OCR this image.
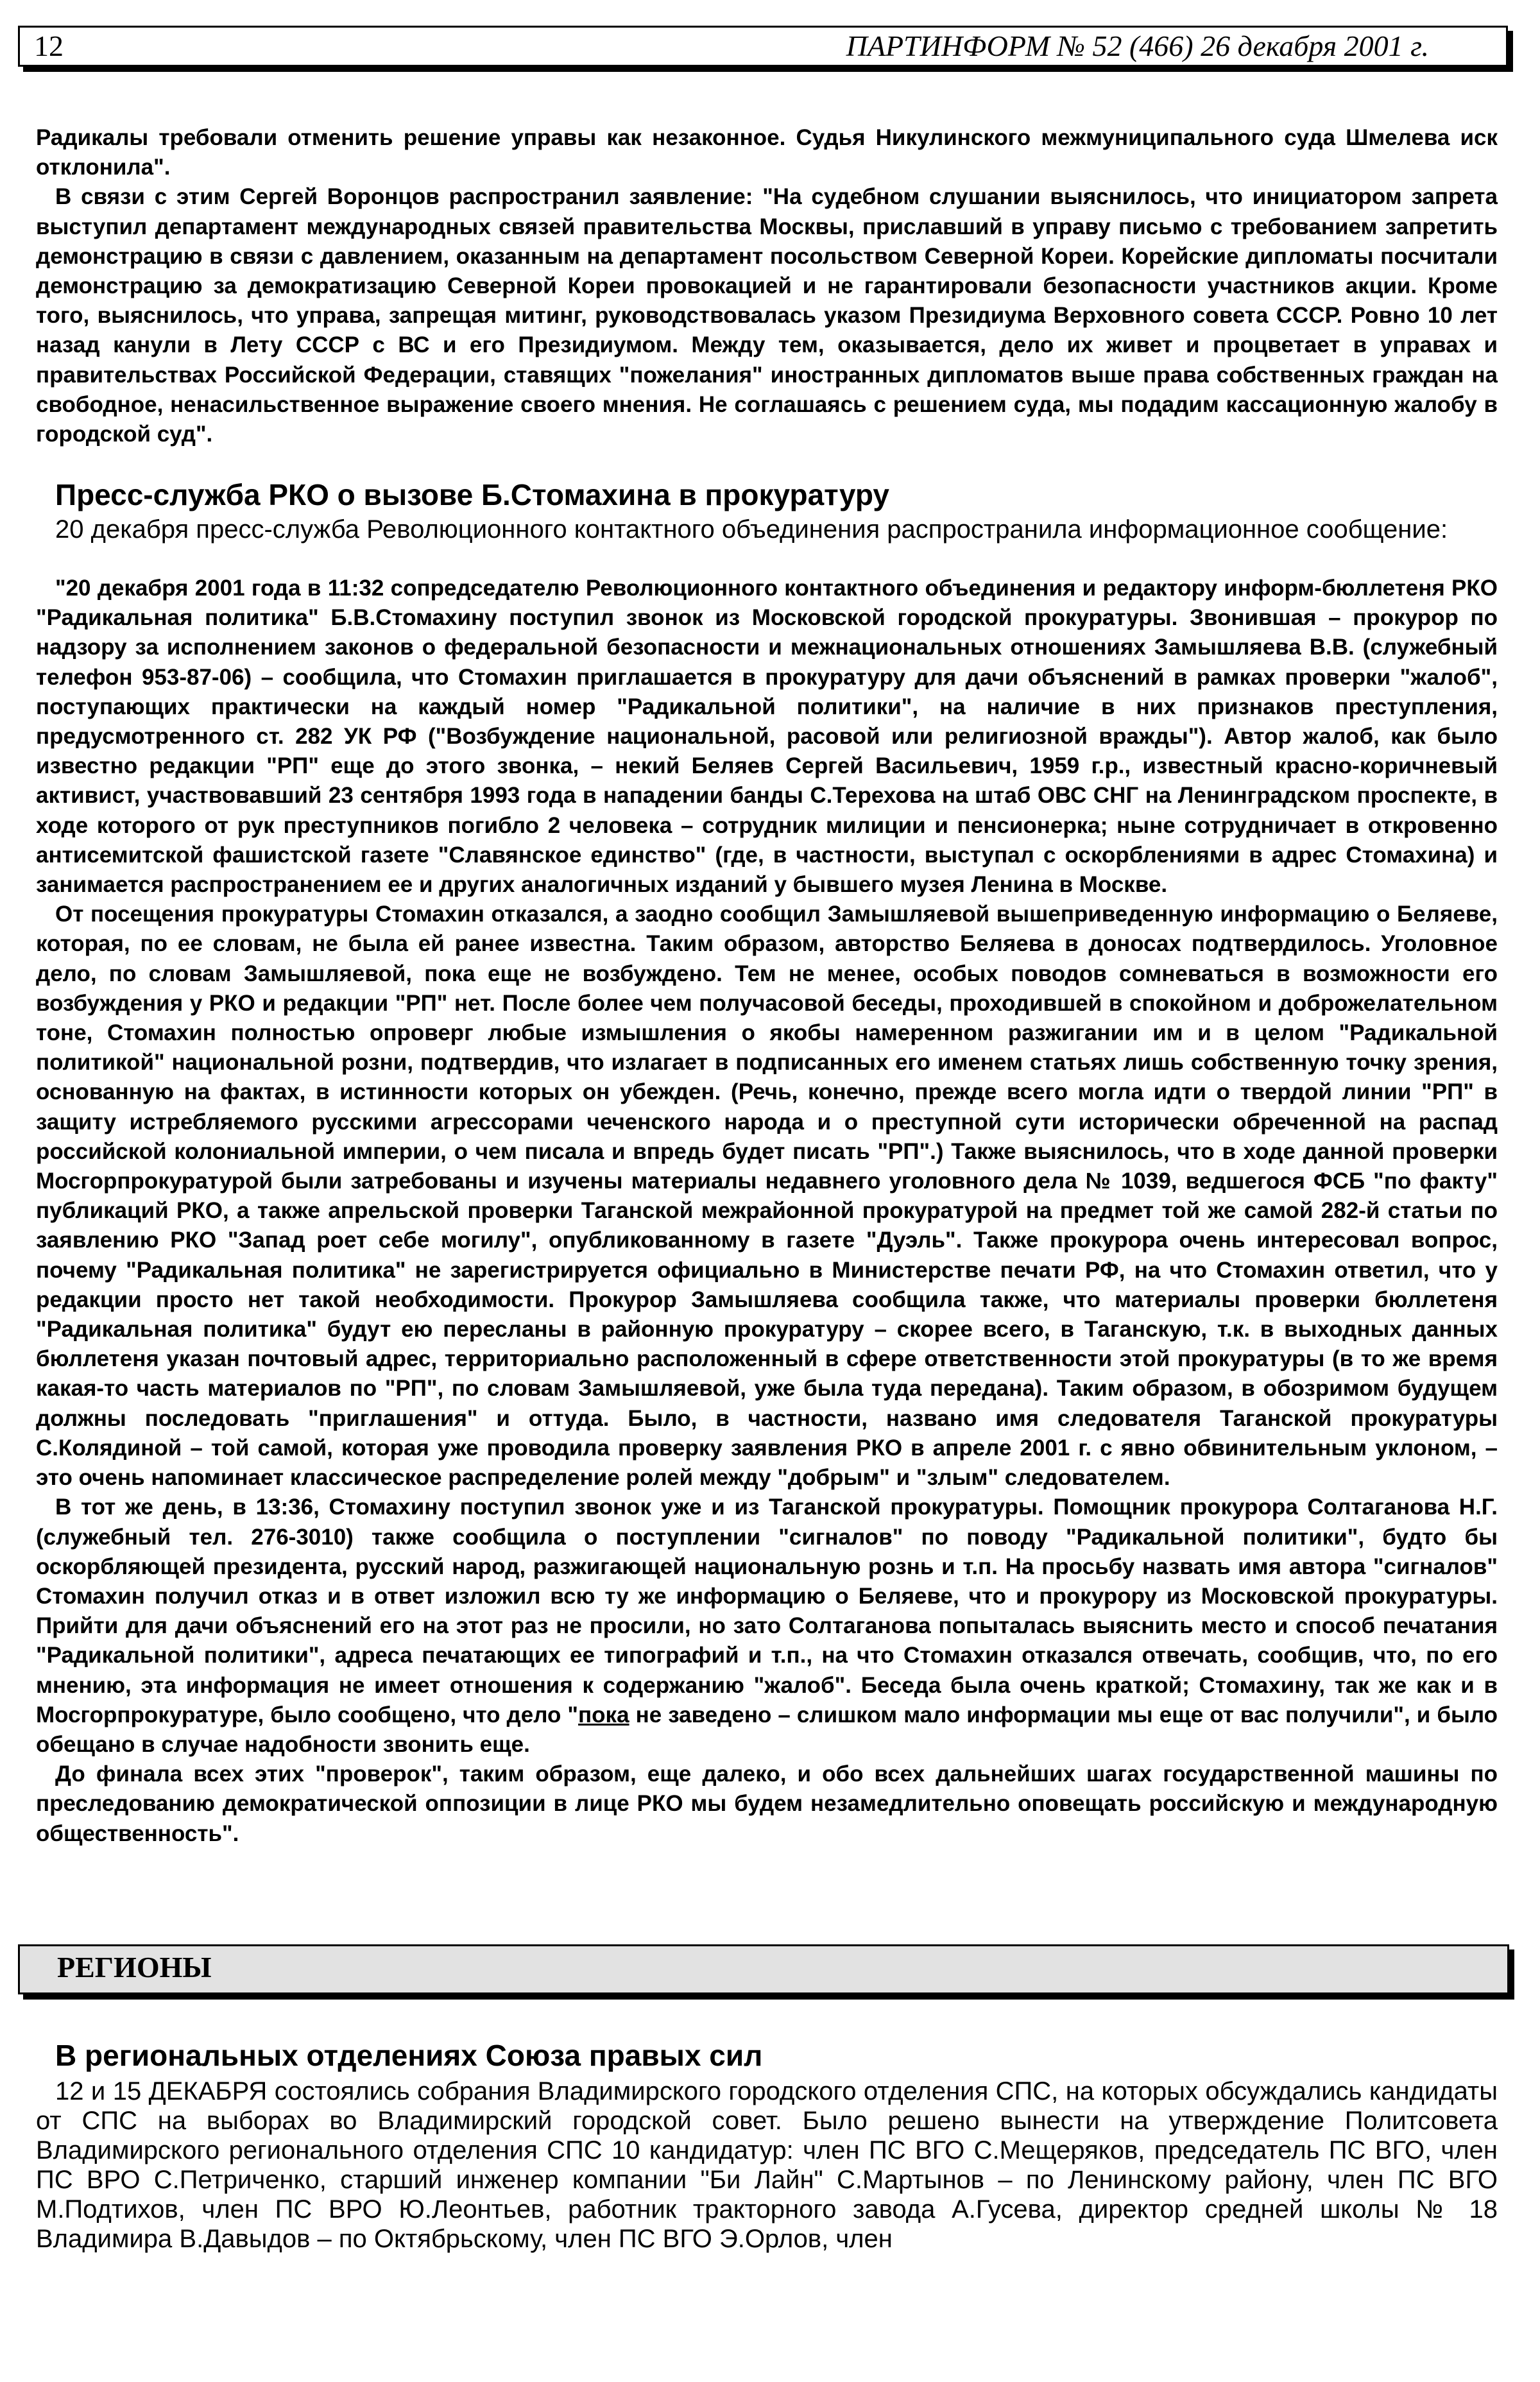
12	ПАРТИНФОРМ № 52 (466) 26 декабря 2001 г.

Радикалы требовали отменить решение управы как незаконное. Судья Никулинского межмуниципального суда Шмелева иск отклонила".

В связи с этим Сергей Воронцов распространил заявление: "На судебном слушании выяснилось, что инициатором запрета выступил департамент международных связей правительства Москвы, приславший в управу письмо с требованием запретить демонстрацию в связи с давлением, оказанным на департамент посольством Северной Кореи. Корейские дипломаты посчитали демонстрацию за демократизацию Северной Кореи провокацией и не гарантировали безопасности участников акции. Кроме того, выяснилось, что управа, запрещая митинг, руководствовалась указом Президиума Верховного совета СССР. Ровно 10 лет назад канули в Лету СССР с ВС и его Президиумом. Между тем, оказывается, дело их живет и процветает в управах и правительствах Российской Федерации, ставящих "пожелания" иностранных дипломатов выше права собственных граждан на свободное, ненасильственное выражение своего мнения. Не соглашаясь с решением суда, мы подадим кассационную жалобу в городской суд".

Пресс-служба РКО о вызове Б.Стомахина в прокуратуру

20 декабря пресс-служба Революционного контактного объединения распространила информационное сообщение:

"20 декабря 2001 года в 11:32 сопредседателю Революционного контактного объединения и редактору информ-бюллетеня РКО "Радикальная политика" Б.В.Стомахину поступил звонок из Московской городской прокуратуры. Звонившая – прокурор по надзору за исполнением законов о федеральной безопасности и межнациональных отношениях Замышляева В.В. (служебный телефон 953-87-06) – сообщила, что Стомахин приглашается в прокуратуру для дачи объяснений в рамках проверки "жалоб", поступающих практически на каждый номер "Радикальной политики", на наличие в них признаков преступления, предусмотренного ст. 282 УК РФ ("Возбуждение национальной, расовой или религиозной вражды"). Автор жалоб, как было известно редакции "РП" еще до этого звонка, – некий Беляев Сергей Васильевич, 1959 г.р., известный красно-коричневый активист, участвовавший 23 сентября 1993 года в нападении банды С.Терехова на штаб ОВС СНГ на Ленинградском проспекте, в ходе которого от рук преступников погибло 2 человека – сотрудник милиции и пенсионерка; ныне сотрудничает в откровенно антисемитской фашистской газете "Славянское единство" (где, в частности, выступал с оскорблениями в адрес Стомахина) и занимается распространением ее и других аналогичных изданий у бывшего музея Ленина в Москве.

От посещения прокуратуры Стомахин отказался, а заодно сообщил Замышляевой вышеприведенную информацию о Беляеве, которая, по ее словам, не была ей ранее известна. Таким образом, авторство Беляева в доносах подтвердилось. Уголовное дело, по словам Замышляевой, пока еще не возбуждено. Тем не менее, особых поводов сомневаться в возможности его возбуждения у РКО и редакции "РП" нет. После более чем получасовой беседы, проходившей в спокойном и доброжелательном тоне, Стомахин полностью опроверг любые измышления о якобы намеренном разжигании им и в целом "Радикальной политикой" национальной розни, подтвердив, что излагает в подписанных его именем статьях лишь собственную точку зрения, основанную на фактах, в истинности которых он убежден. (Речь, конечно, прежде всего могла идти о твердой линии "РП" в защиту истребляемого русскими агрессорами чеченского народа и о преступной сути исторически обреченной на распад российской колониальной империи, о чем писала и впредь будет писать "РП".) Также выяснилось, что в ходе данной проверки Мосгорпрокуратурой были затребованы и изучены материалы недавнего уголовного дела № 1039, ведшегося ФСБ "по факту" публикаций РКО, а также апрельской проверки Таганской межрайонной прокуратурой на предмет той же самой 282-й статьи по заявлению РКО "Запад роет себе могилу", опубликованному в газете "Дуэль". Также прокурора очень интересовал вопрос, почему "Радикальная политика" не зарегистрируется официально в Министерстве печати РФ, на что Стомахин ответил, что у редакции просто нет такой необходимости. Прокурор Замышляева сообщила также, что материалы проверки бюллетеня "Радикальная политика" будут ею пересланы в районную прокуратуру – скорее всего, в Таганскую, т.к. в выходных данных бюллетеня указан почтовый адрес, территориально расположенный в сфере ответственности этой прокуратуры (в то же время какая-то часть материалов по "РП", по словам Замышляевой, уже была туда передана). Таким образом, в обозримом будущем должны последовать "приглашения" и оттуда. Было, в частности, названо имя следователя Таганской прокуратуры С.Колядиной – той самой, которая уже проводила проверку заявления РКО в апреле 2001 г. с явно обвинительным уклоном, – это очень напоминает классическое распределение ролей между "добрым" и "злым" следователем.

В тот же день, в 13:36, Стомахину поступил звонок уже и из Таганской прокуратуры. Помощник прокурора Солтаганова Н.Г. (служебный тел. 276-3010) также сообщила о поступлении "сигналов" по поводу "Радикальной политики", будто бы оскорбляющей президента, русский народ, разжигающей национальную рознь и т.п. На просьбу назвать имя автора "сигналов" Стомахин получил отказ и в ответ изложил всю ту же информацию о Беляеве, что и прокурору из Московской прокуратуры. Прийти для дачи объяснений его на этот раз не просили, но зато Солтаганова попыталась выяснить место и способ печатания "Радикальной политики", адреса печатающих ее типографий и т.п., на что Стомахин отказался отвечать, сообщив, что, по его мнению, эта информация не имеет отношения к содержанию "жалоб". Беседа была очень краткой; Стомахину, так же как и в Мосгорпрокуратуре, было сообщено, что дело "пока не заведено – слишком мало информации мы еще от вас получили", и было обещано в случае надобности звонить еще.

До финала всех этих "проверок", таким образом, еще далеко, и обо всех дальнейших шагах государственной машины по преследованию демократической оппозиции в лице РКО мы будем незамедлительно оповещать российскую и международную общественность".

РЕГИОНЫ
В региональных отделениях Союза правых сил

12 и 15 ДЕКАБРЯ состоялись собрания Владимирского городского отделения СПС, на которых обсуждались кандидаты от СПС на выборах во Владимирский городской совет. Было решено вынести на утверждение Политсовета Владимирского регионального отделения СПС 10 кандидатур: член ПС ВГО С.Мещеряков, председатель ПС ВГО, член ПС ВРО С.Петриченко, старший инженер компании "Би Лайн" С.Мартынов – по Ленинскому району, член ПС ВГО М.Подтихов, член ПС ВРО Ю.Леонтьев, работник тракторного завода А.Гусева, директор средней школы № 18 Владимира В.Давыдов – по Октябрьскому, член ПС ВГО Э.Орлов, член
